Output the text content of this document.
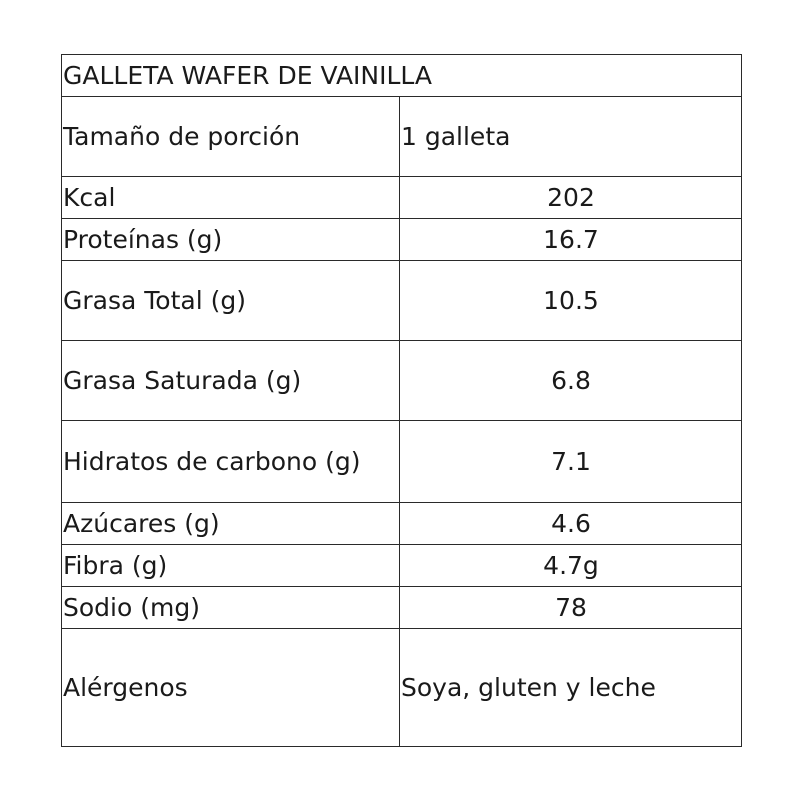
GALLETA WAFER DE VAINILLA	
Tamaño de porción	1 galleta
Kcal	202
Proteínas (g)	16.7
Grasa Total (g)	10.5
Grasa Saturada (g)	6.8
Hidratos de carbono (g)	7.1
Azúcares (g)	4.6
Fibra (g)	4.7g
Sodio (mg)	78
Alérgenos	Soya, gluten y leche
